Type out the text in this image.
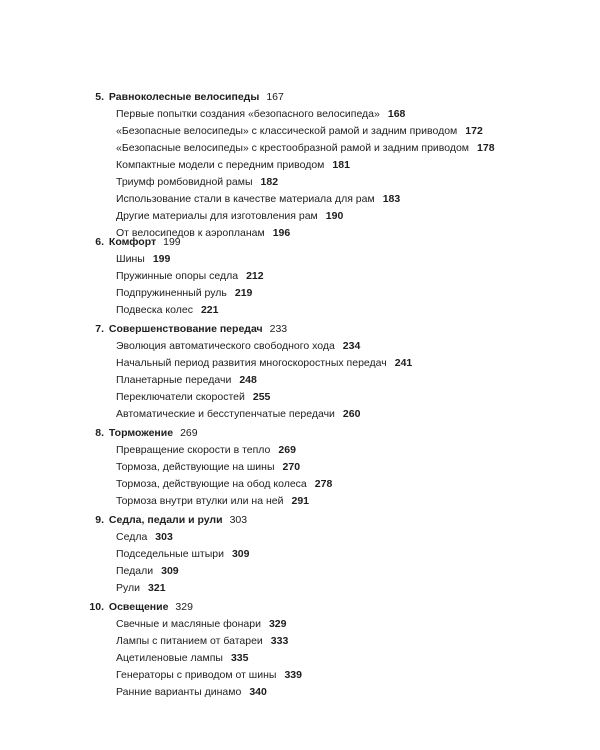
5. Равноколесные велосипеды 167
Первые попытки создания «безопасного велосипеда» 168
«Безопасные велосипеды» с классической рамой и задним приводом 172
«Безопасные велосипеды» с крестообразной рамой и задним приводом 178
Компактные модели с передним приводом 181
Триумф ромбовидной рамы 182
Использование стали в качестве материала для рам 183
Другие материалы для изготовления рам 190
От велосипедов к аэропланам 196
6. Комфорт 199
Шины 199
Пружинные опоры седла 212
Подпружиненный руль 219
Подвеска колес 221
7. Совершенствование передач 233
Эволюция автоматического свободного хода 234
Начальный период развития многоскоростных передач 241
Планетарные передачи 248
Переключатели скоростей 255
Автоматические и бесступенчатые передачи 260
8. Торможение 269
Превращение скорости в тепло 269
Тормоза, действующие на шины 270
Тормоза, действующие на обод колеса 278
Тормоза внутри втулки или на ней 291
9. Седла, педали и рули 303
Седла 303
Подседельные штыри 309
Педали 309
Рули 321
10. Освещение 329
Свечные и масляные фонари 329
Лампы с питанием от батареи 333
Ацетиленовые лампы 335
Генераторы с приводом от шины 339
Ранние варианты динамо 340
